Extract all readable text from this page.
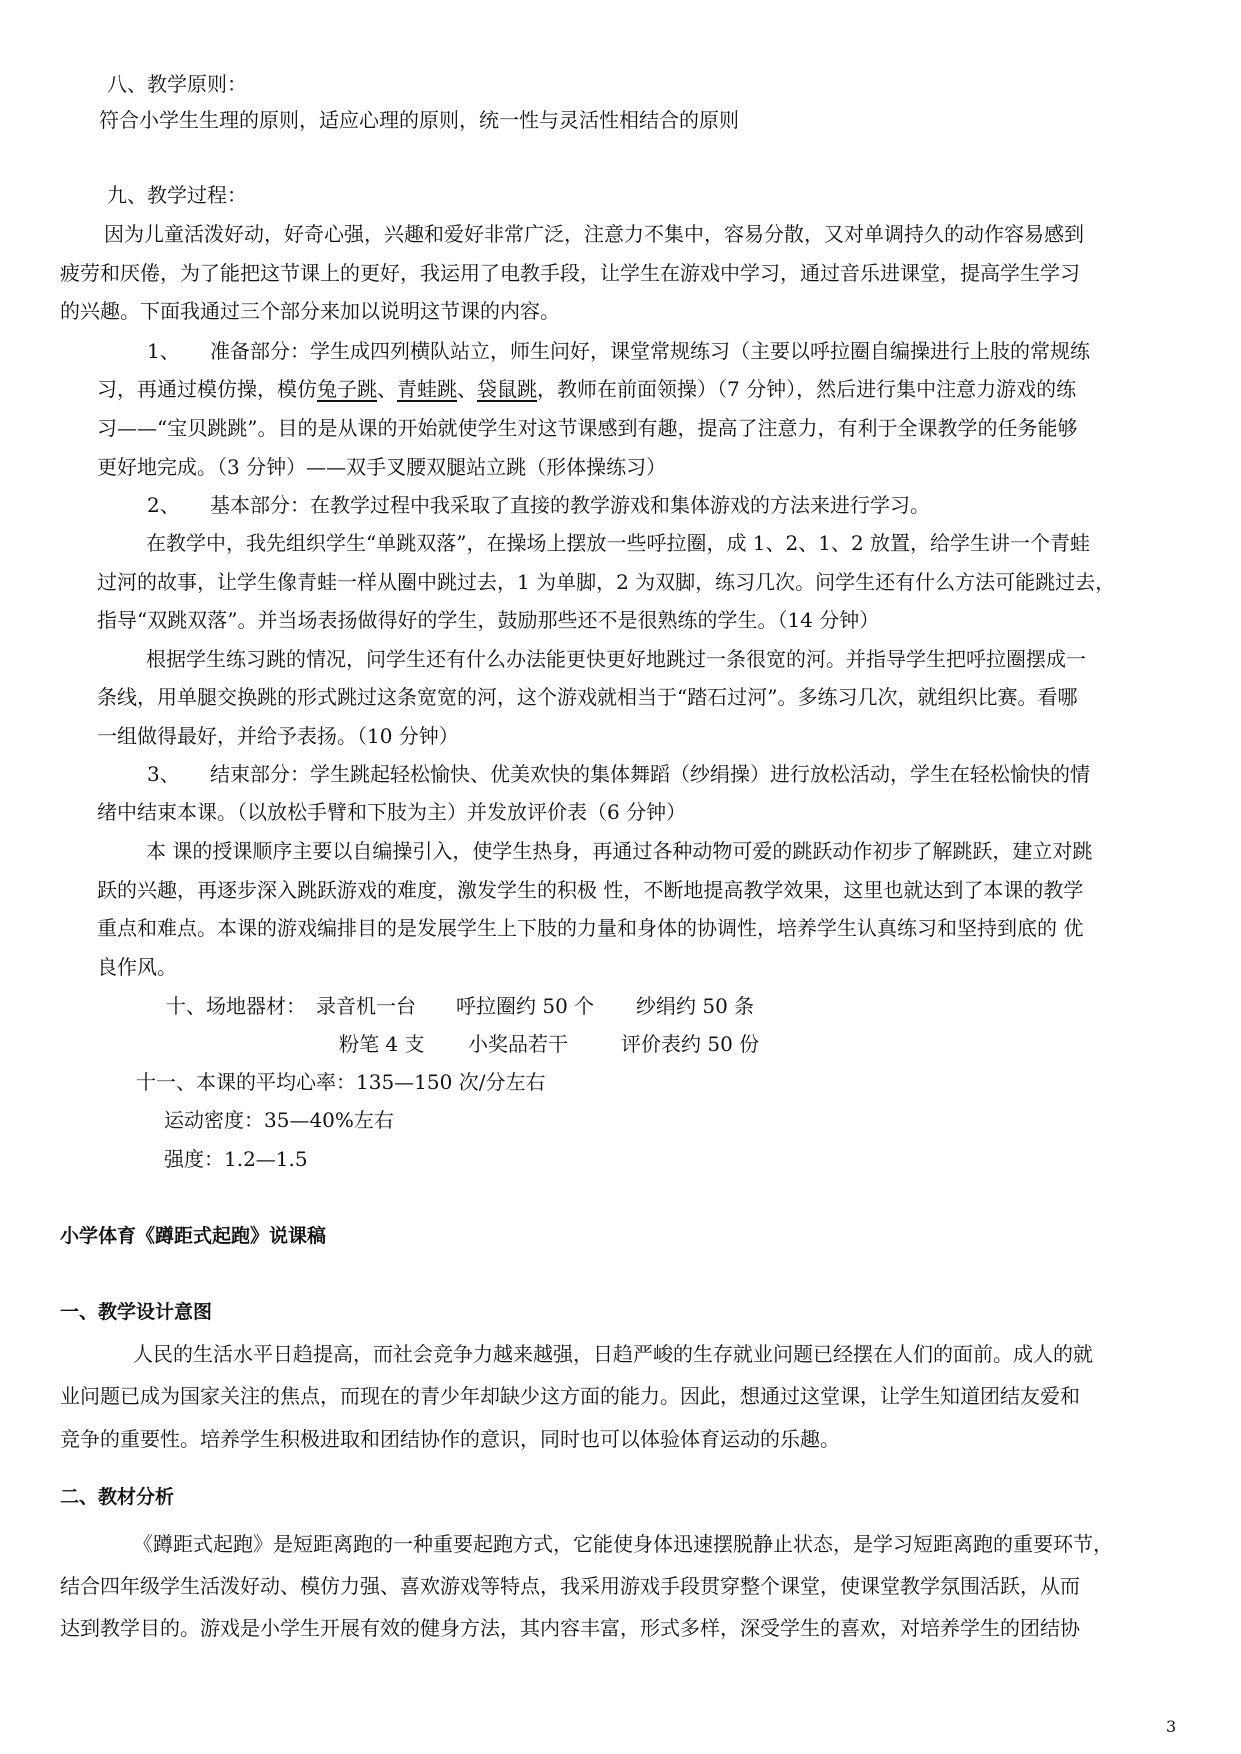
八、教学原则：
符合小学生生理的原则，适应心理的原则，统一性与灵活性相结合的原则
九、教学过程：
因为儿童活泼好动，好奇心强，兴趣和爱好非常广泛，注意力不集中，容易分散，又对单调持久的动作容易感到
疲劳和厌倦，为了能把这节课上的更好，我运用了电教手段，让学生在游戏中学习，通过音乐进课堂，提高学生学习
的兴趣。下面我通过三个部分来加以说明这节课的内容。
1、 准备部分：学生成四列横队站立，师生问好，课堂常规练习（主要以呼拉圈自编操进行上肢的常规练
习，再通过模仿操，模仿兔子跳、青蛙跳、袋鼠跳，教师在前面领操）（7 分钟），然后进行集中注意力游戏的练
习——“宝贝跳跳”。目的是从课的开始就使学生对这节课感到有趣，提高了注意力，有利于全课教学的任务能够
更好地完成。（3 分钟）——双手叉腰双腿站立跳（形体操练习）
2、 基本部分：在教学过程中我采取了直接的教学游戏和集体游戏的方法来进行学习。
在教学中，我先组织学生“单跳双落”，在操场上摆放一些呼拉圈，成 1、2、1、2 放置，给学生讲一个青蛙
过河的故事，让学生像青蛙一样从圈中跳过去，1 为单脚，2 为双脚，练习几次。问学生还有什么方法可能跳过去，
指导“双跳双落”。并当场表扬做得好的学生，鼓励那些还不是很熟练的学生。（14 分钟）
根据学生练习跳的情况，问学生还有什么办法能更快更好地跳过一条很宽的河。并指导学生把呼拉圈摆成一
条线，用单腿交换跳的形式跳过这条宽宽的河，这个游戏就相当于“踏石过河”。多练习几次，就组织比赛。看哪
一组做得最好，并给予表扬。（10 分钟）
3、 结束部分：学生跳起轻松愉快、优美欢快的集体舞蹈（纱绢操）进行放松活动，学生在轻松愉快的情
绪中结束本课。（以放松手臂和下肢为主）并发放评价表（6 分钟）
本 课的授课顺序主要以自编操引入，使学生热身，再通过各种动物可爱的跳跃动作初步了解跳跃，建立对跳
跃的兴趣，再逐步深入跳跃游戏的难度，激发学生的积极 性，不断地提高教学效果，这里也就达到了本课的教学
重点和难点。本课的游戏编排目的是发展学生上下肢的力量和身体的协调性，培养学生认真练习和坚持到底的 优
良作风。
十、场地器材： 录音机一台 呼拉圈约 50 个 纱绢约 50 条
粉笔 4 支 小奖品若干	评价表约 50 份
十一、本课的平均心率：135—150 次/分左右
运动密度：35—40%左右
强度：1.2—1.5
小学体育《蹲距式起跑》说课稿
一、教学设计意图
人民的生活水平日趋提高，而社会竞争力越来越强，日趋严峻的生存就业问题已经摆在人们的面前。成人的就
业问题已成为国家关注的焦点，而现在的青少年却缺少这方面的能力。因此，想通过这堂课，让学生知道团结友爱和
竞争的重要性。培养学生积极进取和团结协作的意识，同时也可以体验体育运动的乐趣。
二、教材分析
《蹲距式起跑》是短距离跑的一种重要起跑方式，它能使身体迅速摆脱静止状态，是学习短距离跑的重要环节，
结合四年级学生活泼好动、模仿力强、喜欢游戏等特点，我采用游戏手段贯穿整个课堂，使课堂教学氛围活跃，从而
达到教学目的。游戏是小学生开展有效的健身方法，其内容丰富，形式多样，深受学生的喜欢，对培养学生的团结协
3
